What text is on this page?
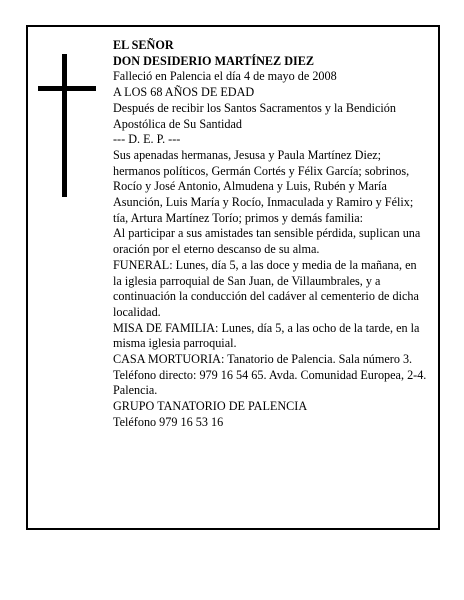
EL SEÑOR

DON DESIDERIO MARTÍNEZ DIEZ

Falleció en Palencia el día 4 de mayo de 2008

A LOS 68 AÑOS DE EDAD

Después de recibir los Santos Sacramentos y la Bendición Apostólica de Su Santidad

--- D. E. P. ---

Sus apenadas hermanas, Jesusa y Paula Martínez Diez; hermanos políticos, Germán Cortés y Félix García; sobrinos, Rocío y José Antonio, Almudena y Luis, Rubén y María Asunción, Luis María y Rocío, Inmaculada y Ramiro y Félix; tía, Artura Martínez Torío; primos y demás familia:

Al participar a sus amistades tan sensible pérdida, suplican una oración por el eterno descanso de su alma.

FUNERAL: Lunes, día 5, a las doce y media de la mañana, en la iglesia parroquial de San Juan, de Villaumbrales, y a continuación la conducción del cadáver al cementerio de dicha localidad.

MISA DE FAMILIA: Lunes, día 5, a las ocho de la tarde, en la misma iglesia parroquial.

CASA MORTUORIA: Tanatorio de Palencia. Sala número 3. Teléfono directo: 979 16 54 65. Avda. Comunidad Europea, 2-4. Palencia.

GRUPO TANATORIO DE PALENCIA

Teléfono 979 16 53 16
